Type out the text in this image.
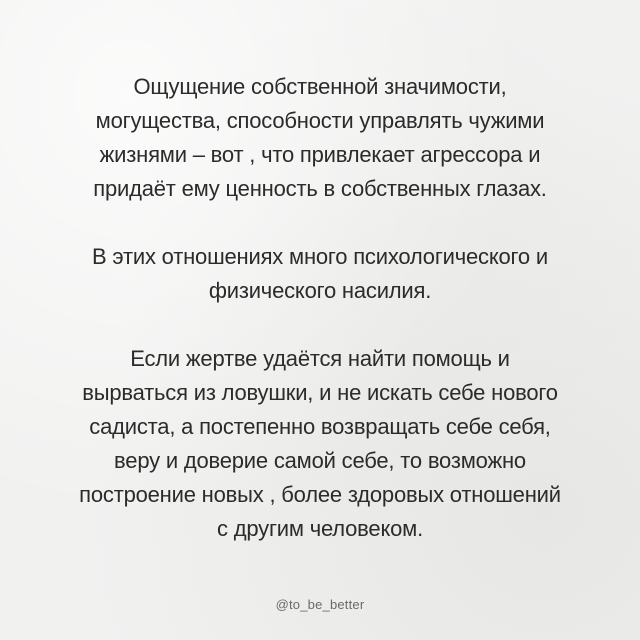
Ощущение собственной значимости,
могущества, способности управлять чужими
жизнями – вот , что привлекает агрессора и
придаёт ему ценность в собственных глазах.

В этих отношениях много психологического и
физического насилия.

Если жертве удаётся найти помощь и
вырваться из ловушки, и не искать себе нового
садиста, а постепенно возвращать себе себя,
веру и доверие самой себе, то возможно
построение новых , более здоровых отношений
с другим человеком.

@to_be_better
